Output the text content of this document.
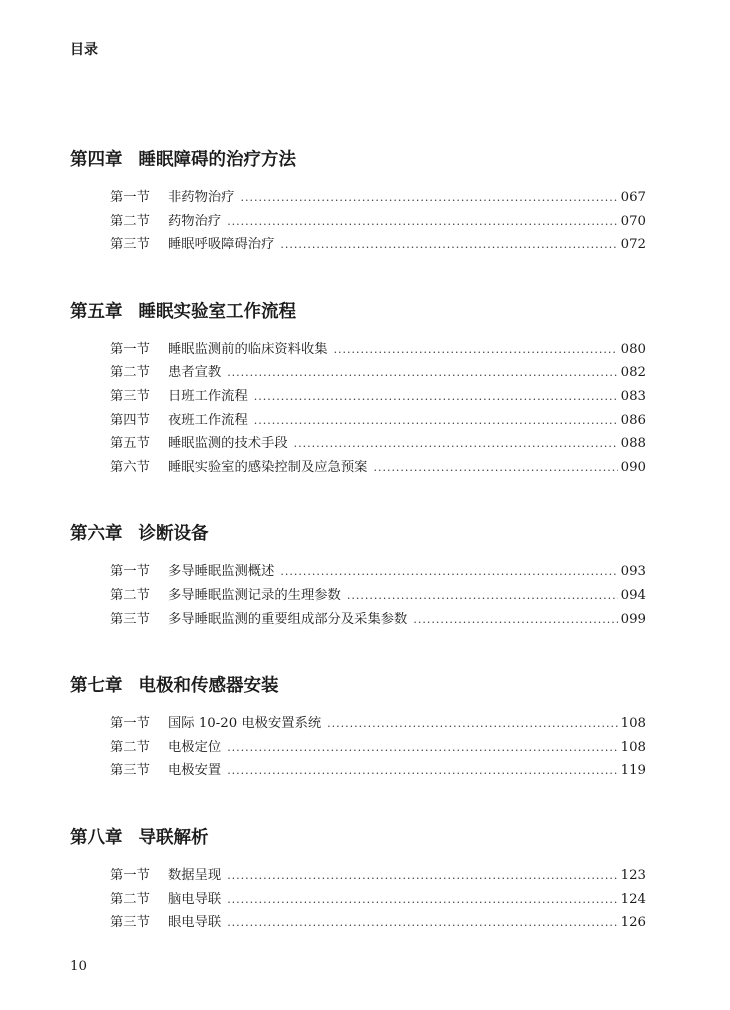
目录
第四章 睡眠障碍的治疗方法
第一节	非药物治疗 .....	067
第二节	药物治疗 .....	070
第三节	睡眠呼吸障碍治疗 .....	072
第五章 睡眠实验室工作流程
第一节	睡眠监测前的临床资料收集 .....	080
第二节	患者宣教 .....	082
第三节	日班工作流程 .....	083
第四节	夜班工作流程 .....	086
第五节	睡眠监测的技术手段 .....	088
第六节	睡眠实验室的感染控制及应急预案 .....	090
第六章 诊断设备
第一节	多导睡眠监测概述 .....	093
第二节	多导睡眠监测记录的生理参数 .....	094
第三节	多导睡眠监测的重要组成部分及采集参数 .....	099
第七章 电极和传感器安装
第一节	国际 10-20 电极安置系统 .....	108
第二节	电极定位 .....	108
第三节	电极安置 .....	119
第八章 导联解析
第一节	数据呈现 .....	123
第二节	脑电导联 .....	124
第三节	眼电导联 .....	126
10
